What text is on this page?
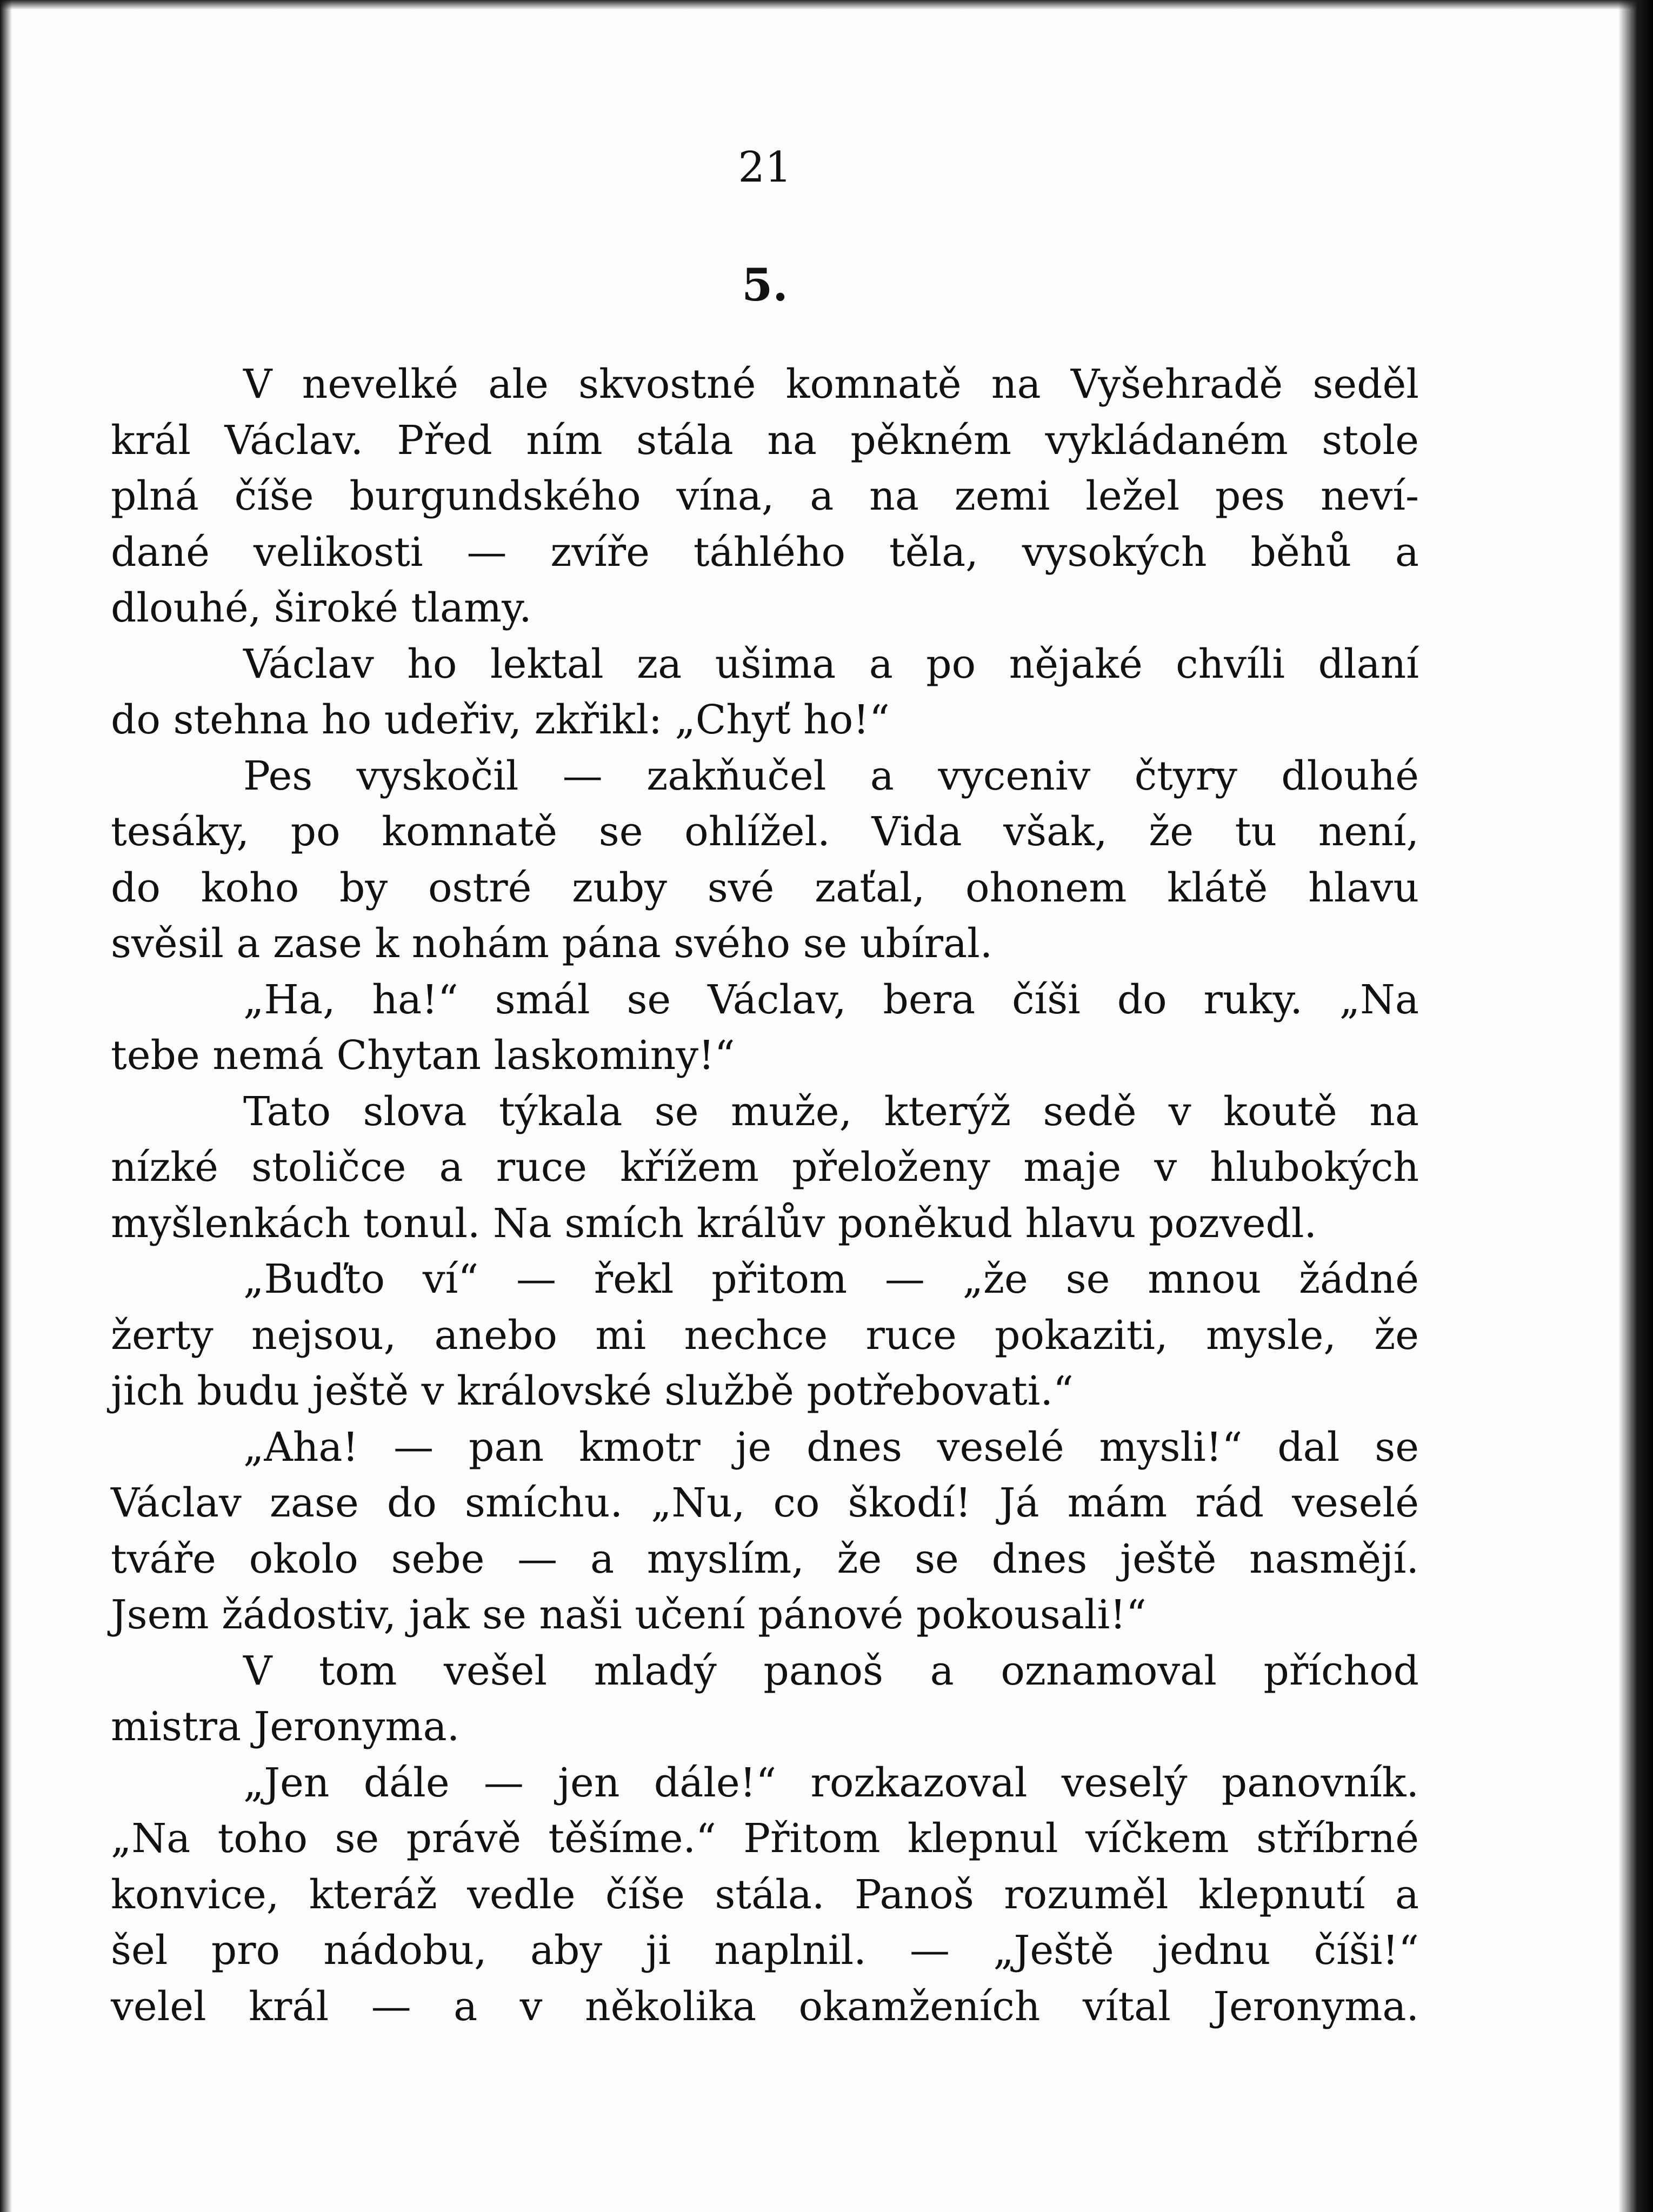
21
5.
V nevelké ale skvostné komnatě na Vyšehradě seděl
král Václav. Před ním stála na pěkném vykládaném stole
plná číše burgundského vína, a na zemi ležel pes neví-
dané velikosti — zvíře táhlého těla, vysokých běhů a
dlouhé, široké tlamy.
Václav ho lektal za ušima a po nějaké chvíli dlaní
do stehna ho udeřiv, zkřikl: „Chyť ho!“
Pes vyskočil — zakňučel a vyceniv čtyry dlouhé
tesáky, po komnatě se ohlížel. Vida však, že tu není,
do koho by ostré zuby své zaťal, ohonem klátě hlavu
svěsil a zase k nohám pána svého se ubíral.
„Ha, ha!“ smál se Václav, bera číši do ruky. „Na
tebe nemá Chytan laskominy!“
Tato slova týkala se muže, kterýž sedě v koutě na
nízké stoličce a ruce křížem přeloženy maje v hlubokých
myšlenkách tonul. Na smích králův poněkud hlavu pozvedl.
„Buďto ví“ — řekl přitom — „že se mnou žádné
žerty nejsou, anebo mi nechce ruce pokaziti, mysle, že
jich budu ještě v královské službě potřebovati.“
„Aha! — pan kmotr je dnes veselé mysli!“ dal se
Václav zase do smíchu. „Nu, co škodí! Já mám rád veselé
tváře okolo sebe — a myslím, že se dnes ještě nasmějí.
Jsem žádostiv, jak se naši učení pánové pokousali!“
V tom vešel mladý panoš a oznamoval příchod
mistra Jeronyma.
„Jen dále — jen dále!“ rozkazoval veselý panovník.
„Na toho se právě těšíme.“ Přitom klepnul víčkem stříbrné
konvice, kteráž vedle číše stála. Panoš rozuměl klepnutí a
šel pro nádobu, aby ji naplnil. — „Ještě jednu číši!“
velel král — a v několika okamženích vítal Jeronyma.
